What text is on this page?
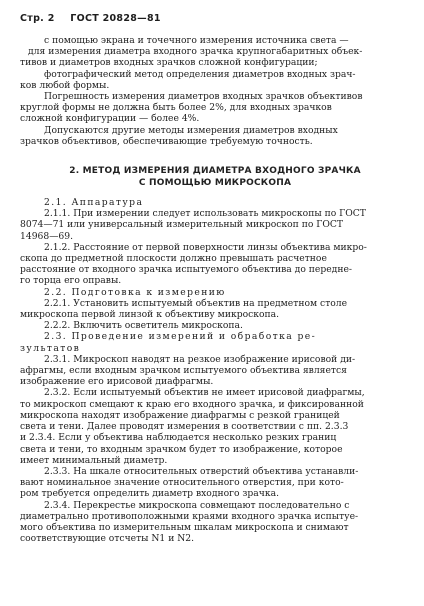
Стр. 2 ГОСТ 20828—81

с помощью экрана и точечного измерения источника света —

для измерения диаметра входного зрачка крупногабаритных объек-

тивов и диаметров входных зрачков сложной конфигурации;

фотографический метод определения диаметров входных зрач-

ков любой формы.

Погрешность измерения диаметров входных зрачков объективов

круглой формы не должна быть более 2%, для входных зрачков

сложной конфигурации — более 4%.

Допускаются другие методы измерения диаметров входных

зрачков объективов, обеспечивающие требуемую точность.

2. МЕТОД ИЗМЕРЕНИЯ ДИАМЕТРА ВХОДНОГО ЗРАЧКА
С ПОМОЩЬЮ МИКРОСКОПА

2.1. Аппаратура

2.1.1. При измерении следует использовать микроскопы по ГОСТ

8074—71 или универсальный измерительный микроскоп по ГОСТ

14968—69.

2.1.2. Расстояние от первой поверхности линзы объектива микро-

скопа до предметной плоскости должно превышать расчетное

расстояние от входного зрачка испытуемого объектива до передне-

го торца его оправы.

2.2. Подготовка к измерению

2.2.1. Установить испытуемый объектив на предметном столе

микроскопа первой линзой к объективу микроскопа.

2.2.2. Включить осветитель микроскопа.

2.3. Проведение измерений и обработка ре-

зультатов

2.3.1. Микроскоп наводят на резкое изображение ирисовой ди-

афрагмы, если входным зрачком испытуемого объектива является

изображение его ирисовой диафрагмы.

2.3.2. Если испытуемый объектив не имеет ирисовой диафрагмы,

то микроскоп смещают к краю его входного зрачка, и фиксированной

микроскопа находят изображение диафрагмы с резкой границей

света и тени. Далее проводят измерения в соответствии с пп. 2.3.3

и 2.3.4. Если у объектива наблюдается несколько резких границ

света и тени, то входным зрачком будет то изображение, которое

имеет минимальный диаметр.

2.3.3. На шкале относительных отверстий объектива устанавли-

вают номинальное значение относительного отверстия, при кото-

ром требуется определить диаметр входного зрачка.

2.3.4. Перекрестье микроскопа совмещают последовательно с

диаметрально противоположными краями входного зрачка испытуе-

мого объектива по измерительным шкалам микроскопа и снимают

соответствующие отсчеты N1 и N2.
